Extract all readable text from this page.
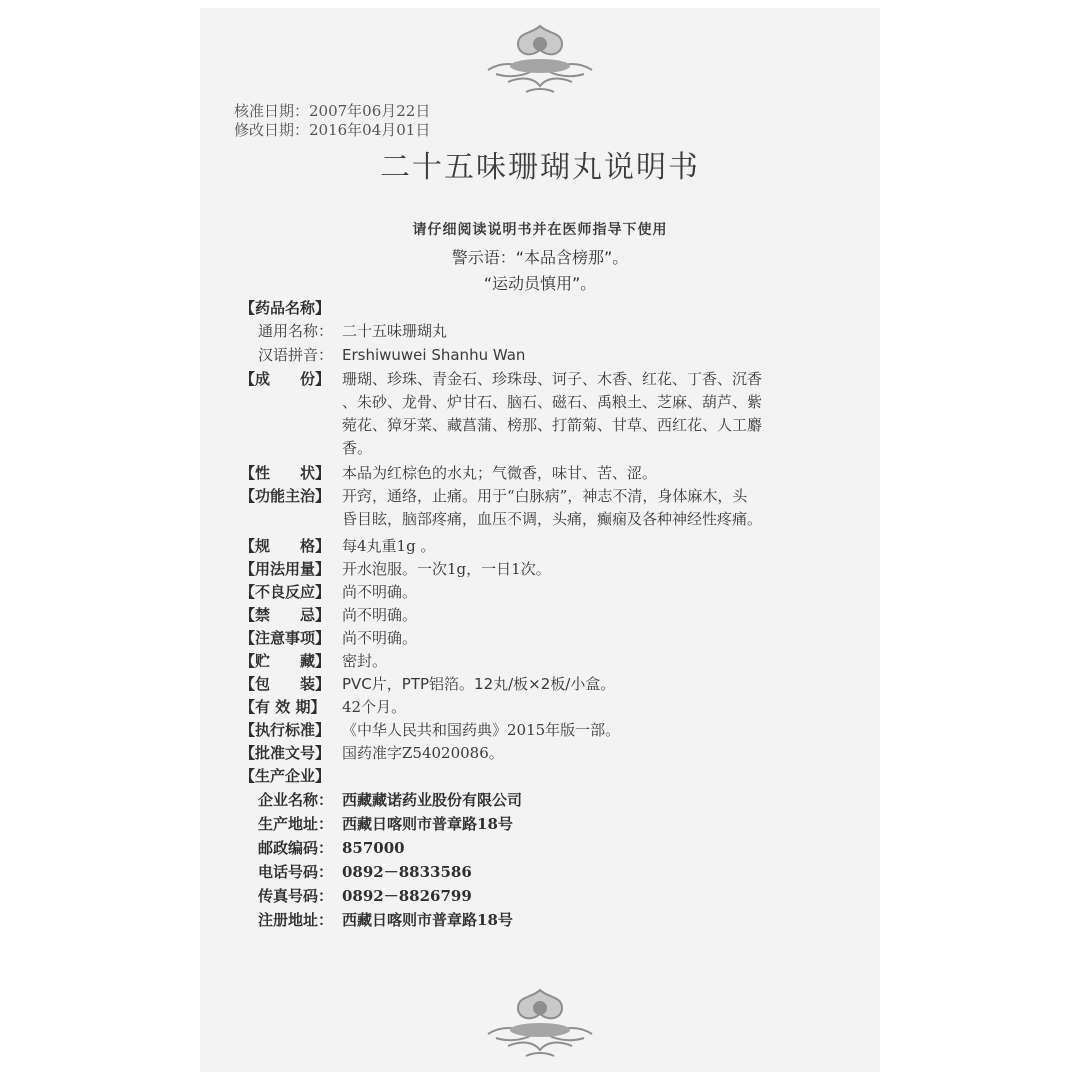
核准日期：2007年06月22日
修改日期：2016年04月01日
二十五味珊瑚丸说明书
请仔细阅读说明书并在医师指导下使用
警示语：“本品含榜那”。
“运动员慎用”。
【药品名称】
通用名称： 二十五味珊瑚丸
汉语拼音： Ershiwuwei Shanhu Wan
【成　　份】 珊瑚、珍珠、青金石、珍珠母、诃子、木香、红花、丁香、沉香
、朱砂、龙骨、炉甘石、脑石、磁石、禹粮土、芝麻、葫芦、紫
菀花、獐牙菜、藏菖蒲、榜那、打箭菊、甘草、西红花、人工麝
香。
【性　　状】 本品为红棕色的水丸；气微香，味甘、苦、涩。
【功能主治】 开窍，通络，止痛。用于“白脉病”，神志不清，身体麻木，头
昏目眩，脑部疼痛，血压不调，头痛，癫痫及各种神经性疼痛。
【规　　格】 每4丸重1g 。
【用法用量】 开水泡服。一次1g，一日1次。
【不良反应】 尚不明确。
【禁　　忌】 尚不明确。
【注意事项】 尚不明确。
【贮　　藏】 密封。
【包　　装】 PVC片，PTP铝箔。12丸/板×2板/小盒。
【有 效 期】 42个月。
【执行标准】 《中华人民共和国药典》2015年版一部。
【批准文号】 国药准字Z54020086。
【生产企业】
企业名称： 西藏藏诺药业股份有限公司
生产地址： 西藏日喀则市普章路18号
邮政编码： 857000
电话号码： 0892－8833586
传真号码： 0892－8826799
注册地址： 西藏日喀则市普章路18号
